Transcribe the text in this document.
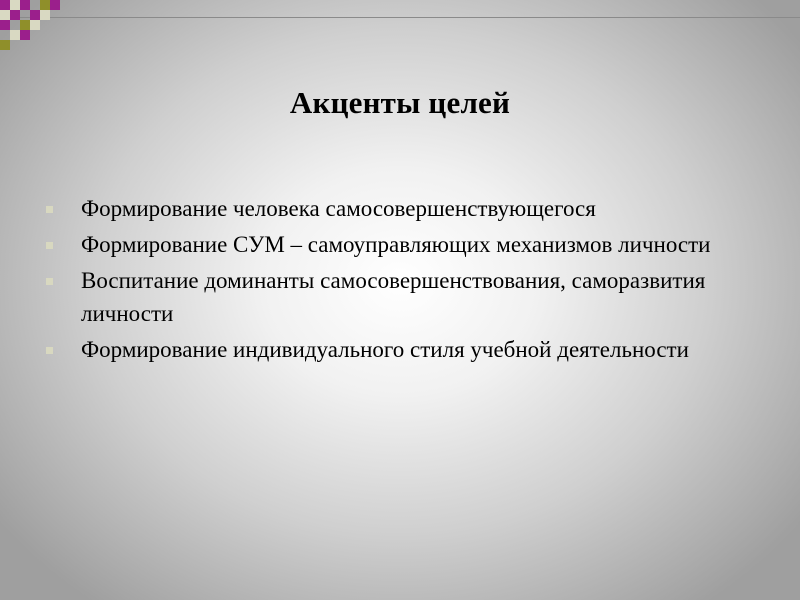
Акценты целей
Формирование человека самосовершенствующегося
Формирование СУМ – самоуправляющих механизмов личности
Воспитание доминанты самосовершенствования, саморазвития личности
Формирование индивидуального стиля учебной деятельности
